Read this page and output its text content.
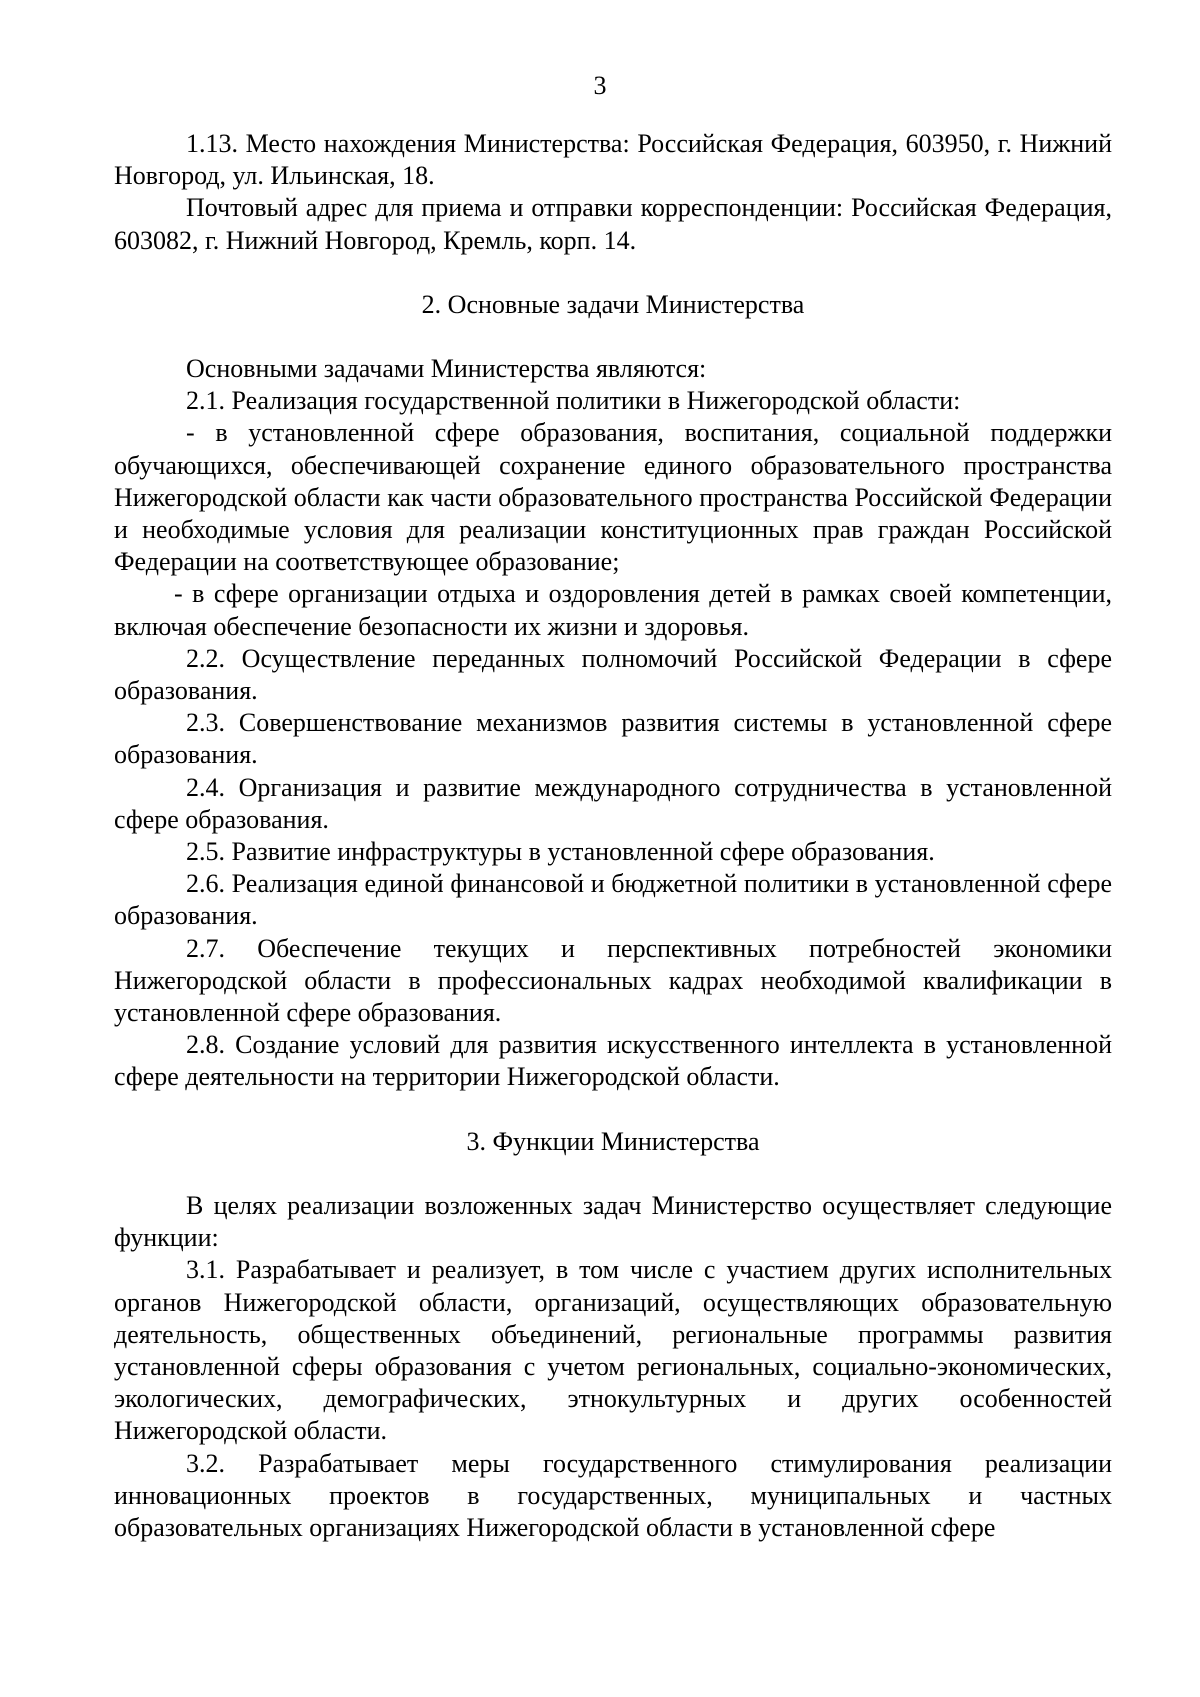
3

1.13. Место нахождения Министерства: Российская Федерация, 603950, г. Нижний Новгород, ул. Ильинская, 18.

Почтовый адрес для приема и отправки корреспонденции: Российская Федерация, 603082, г. Нижний Новгород, Кремль, корп. 14.

2. Основные задачи Министерства

Основными задачами Министерства являются:

2.1. Реализация государственной политики в Нижегородской области:

- в установленной сфере образования, воспитания, социальной поддержки обучающихся, обеспечивающей сохранение единого образовательного пространства Нижегородской области как части образовательного пространства Российской Федерации и необходимые условия для реализации конституционных прав граждан Российской Федерации на соответствующее образование;

- в сфере организации отдыха и оздоровления детей в рамках своей компетенции, включая обеспечение безопасности их жизни и здоровья.

2.2. Осуществление переданных полномочий Российской Федерации в сфере образования.

2.3. Совершенствование механизмов развития системы в установленной сфере образования.

2.4. Организация и развитие международного сотрудничества в установленной сфере образования.

2.5. Развитие инфраструктуры в установленной сфере образования.

2.6. Реализация единой финансовой и бюджетной политики в установленной сфере образования.

2.7. Обеспечение текущих и перспективных потребностей экономики Нижегородской области в профессиональных кадрах необходимой квалификации в установленной сфере образования.

2.8. Создание условий для развития искусственного интеллекта в установленной сфере деятельности на территории Нижегородской области.

3. Функции Министерства

В целях реализации возложенных задач Министерство осуществляет следующие функции:

3.1. Разрабатывает и реализует, в том числе с участием других исполнительных органов Нижегородской области, организаций, осуществляющих образовательную деятельность, общественных объединений, региональные программы развития установленной сферы образования с учетом региональных, социально-экономических, экологических, демографических, этнокультурных и других особенностей Нижегородской области.

3.2. Разрабатывает меры государственного стимулирования реализации инновационных проектов в государственных, муниципальных и частных образовательных организациях Нижегородской области в установленной сфере
